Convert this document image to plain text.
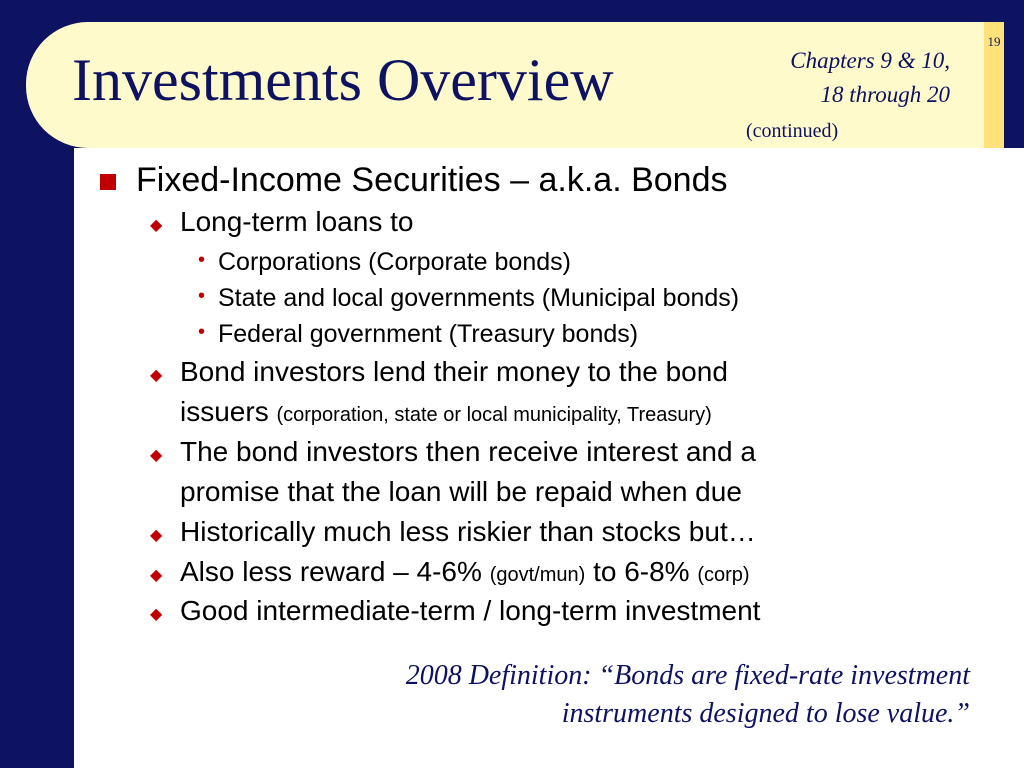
19
Investments Overview	Chapters 9 & 10,
18 through 20
(continued)
Fixed-Income Securities – a.k.a. Bonds
◆ Long-term loans to
• Corporations (Corporate bonds)
• State and local governments (Municipal bonds)
• Federal government (Treasury bonds)
◆ Bond investors lend their money to the bond
issuers (corporation, state or local municipality, Treasury)
◆ The bond investors then receive interest and a
promise that the loan will be repaid when due
◆ Historically much less riskier than stocks but…
◆ Also less reward – 4-6% (govt/mun) to 6-8% (corp)
◆ Good intermediate-term / long-term investment
2008 Definition: “Bonds are fixed-rate investment
instruments designed to lose value.”
